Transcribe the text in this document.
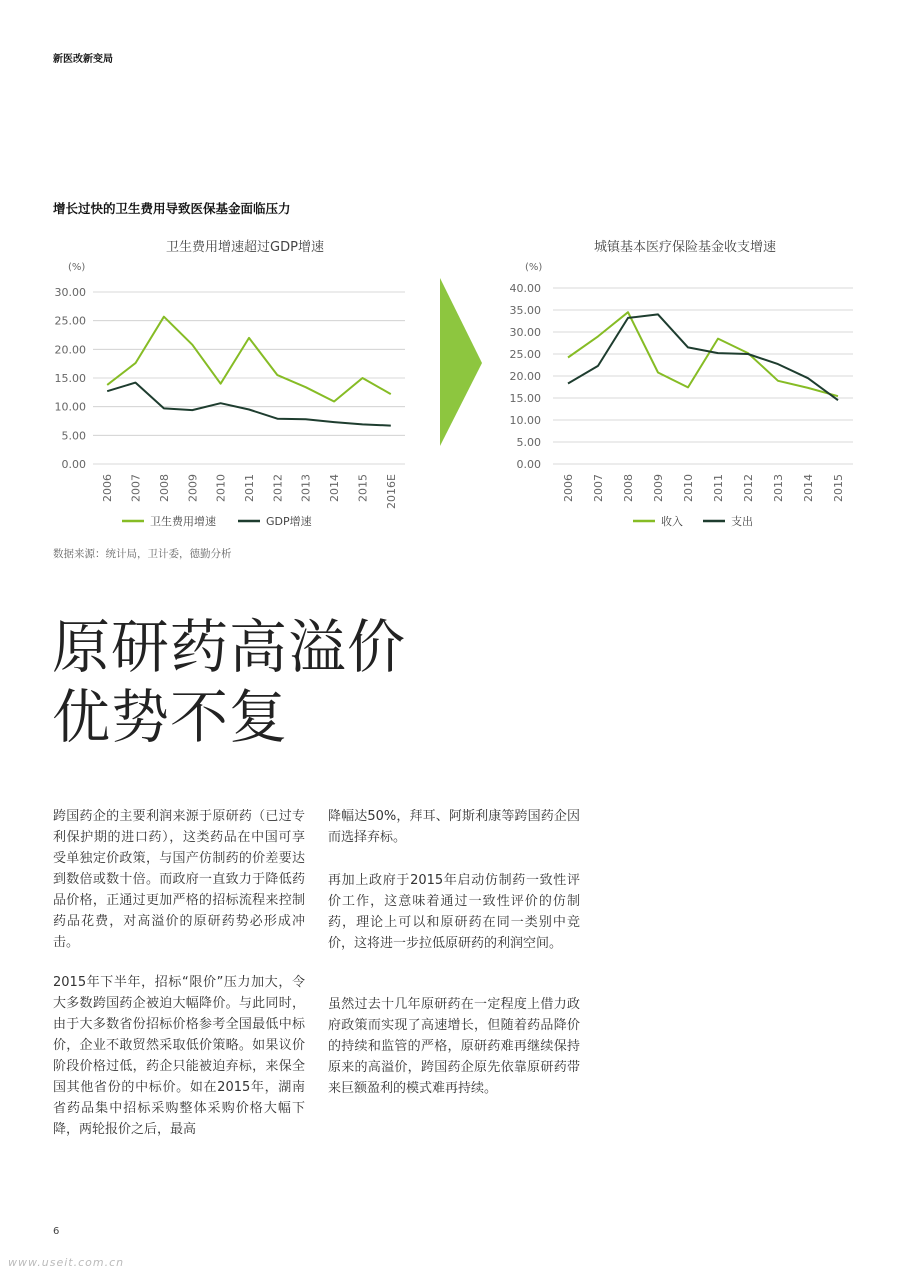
新医改新变局
增长过快的卫生费用导致医保基金面临压力
卫生费用增速超过GDP增速	城镇基本医疗保险基金收支增速
(%)
0.00
5.00
10.00
15.00
20.00
25.00
30.00
2006 2007 2008 2009 2010 2011 2012 2013 2014 2015 2016E
卫生费用增速	GDP增速
(%)
0.00
5.00
10.00
15.00
20.00
25.00
30.00
35.00
40.00
2006 2007 2008 2009 2010 2011 2012 2013 2014 2015
收入	支出
数据来源：统计局，卫计委，德勤分析
原研药高溢价
优势不复
跨国药企的主要利润来源于原研药（已过专利保护期的进口药），这类药品在中国可享受单独定价政策，与国产仿制药的价差要达到数倍或数十倍。而政府一直致力于降低药品价格，正通过更加严格的招标流程来控制药品花费，对高溢价的原研药势必形成冲击。
2015年下半年，招标“限价”压力加大，令大多数跨国药企被迫大幅降价。与此同时，由于大多数省份招标价格参考全国最低中标价，企业不敢贸然采取低价策略。如果议价阶段价格过低，药企只能被迫弃标，来保全国其他省份的中标价。如在2015年，湖南省药品集中招标采购整体采购价格大幅下降，两轮报价之后，最高
降幅达50%，拜耳、阿斯利康等跨国药企因而选择弃标。
再加上政府于2015年启动仿制药一致性评价工作，这意味着通过一致性评价的仿制药，理论上可以和原研药在同一类别中竞价，这将进一步拉低原研药的利润空间。
虽然过去十几年原研药在一定程度上借力政府政策而实现了高速增长，但随着药品降价的持续和监管的严格，原研药难再继续保持原来的高溢价，跨国药企原先依靠原研药带来巨额盈利的模式难再持续。
6
www.useit.com.cn
